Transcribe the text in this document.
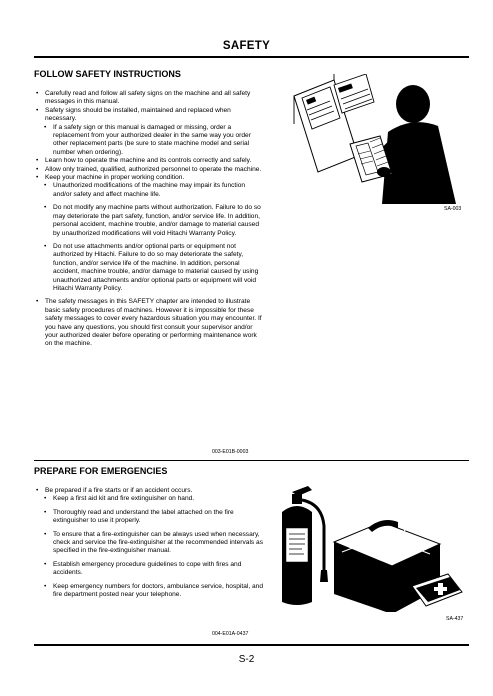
SAFETY
FOLLOW SAFETY INSTRUCTIONS
• Carefully read and follow all safety signs on the machine and all safety messages in this manual.
• Safety signs should be installed, maintained and replaced when necessary.
• If a safety sign or this manual is damaged or missing, order a replacement from your authorized dealer in the same way you order other replacement parts (be sure to state machine model and serial number when ordering).
• Learn how to operate the machine and its controls correctly and safely.
• Allow only trained, qualified, authorized personnel to operate the machine.
• Keep your machine in proper working condition.
• Unauthorized modifications of the machine may impair its function and/or safety and affect machine life.
• Do not modify any machine parts without authorization. Failure to do so may deteriorate the part safety, function, and/or service life. In addition, personal accident, machine trouble, and/or damage to material caused by unauthorized modifications will void Hitachi Warranty Policy.
• Do not use attachments and/or optional parts or equipment not authorized by Hitachi. Failure to do so may deteriorate the safety, function, and/or service life of the machine. In addition, personal accident, machine trouble, and/or damage to material caused by using unauthorized attachments and/or optional parts or equipment will void Hitachi Warranty Policy.
• The safety messages in this SAFETY chapter are intended to illustrate basic safety procedures of machines. However it is impossible for these safety messages to cover every hazardous situation you may encounter. If you have any questions, you should first consult your supervisor and/or your authorized dealer before operating or performing maintenance work on the machine.
003-E01B-0003
SA-003
PREPARE FOR EMERGENCIES
• Be prepared if a fire starts or if an accident occurs.
• Keep a first aid kit and fire extinguisher on hand.
• Thoroughly read and understand the label attached on the fire extinguisher to use it properly.
• To ensure that a fire-extinguisher can be always used when necessary, check and service the fire-extinguisher at the recommended intervals as specified in the fire-extinguisher manual.
• Establish emergency procedure guidelines to cope with fires and accidents.
• Keep emergency numbers for doctors, ambulance service, hospital, and fire department posted near your telephone.
004-E01A-0437
SA-437
S-2
